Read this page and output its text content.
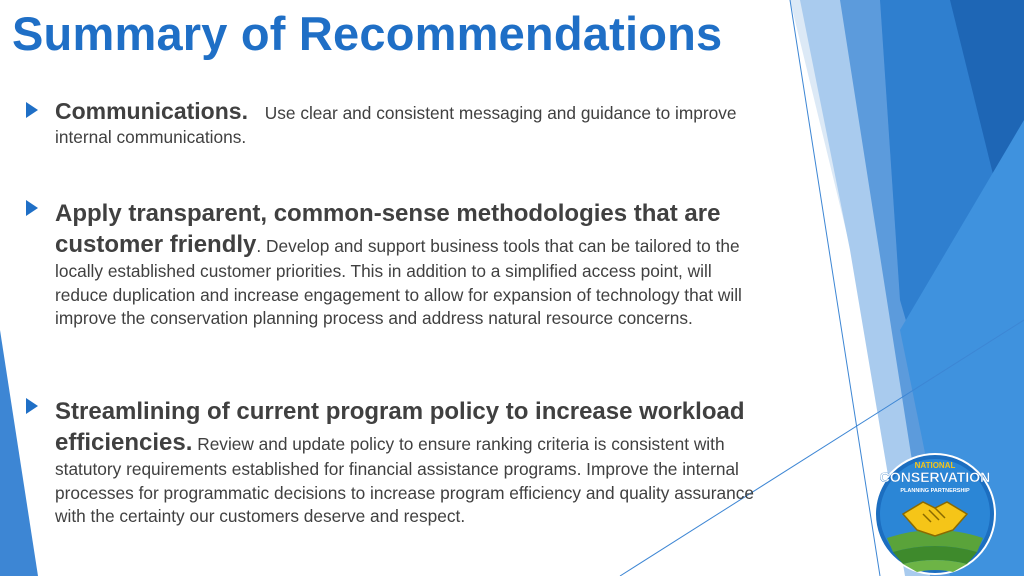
Summary of Recommendations
Communications. Use clear and consistent messaging and guidance to improve internal communications.
Apply transparent, common-sense methodologies that are customer friendly. Develop and support business tools that can be tailored to the locally established customer priorities. This in addition to a simplified access point, will reduce duplication and increase engagement to allow for expansion of technology that will improve the conservation planning process and address natural resource concerns.
Streamlining of current program policy to increase workload efficiencies. Review and update policy to ensure ranking criteria is consistent with statutory requirements established for financial assistance programs. Improve the internal processes for programmatic decisions to increase program efficiency and quality assurance with the certainty our customers deserve and respect.
NATIONAL
CONSERVATION
PLANNING PARTNERSHIP
